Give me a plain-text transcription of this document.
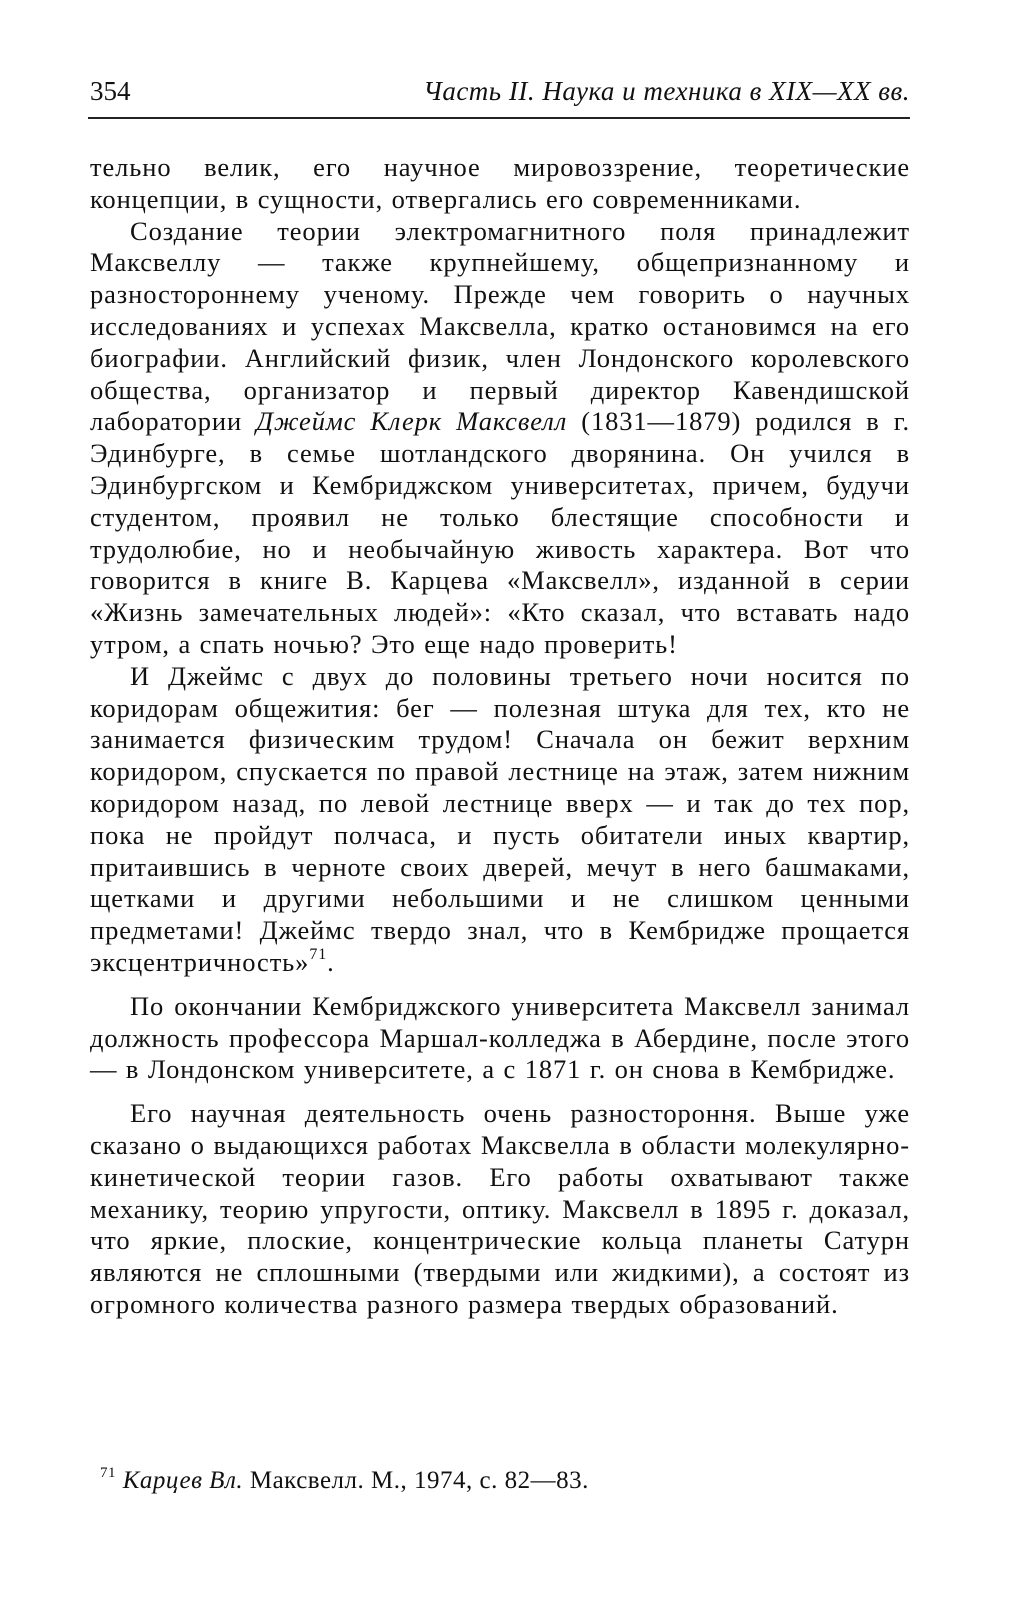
354	Часть II. Наука и техника в XIX—XX вв.

тельно велик, его научное мировоззрение, теоретические концепции, в сущности, отвергались его современниками.

Создание теории электромагнитного поля принадлежит Максвеллу — также крупнейшему, общепризнанному и разностороннему ученому. Прежде чем говорить о научных исследованиях и успехах Максвелла, кратко остановимся на его биографии. Английский физик, член Лондонского королевского общества, организатор и первый директор Кавендишской лаборатории Джеймс Клерк Максвелл (1831—1879) родился в г. Эдинбурге, в семье шотландского дворянина. Он учился в Эдинбургском и Кембриджском университетах, причем, будучи студентом, проявил не только блестящие способности и трудолюбие, но и необычайную живость характера. Вот что говорится в книге В. Карцева «Максвелл», изданной в серии «Жизнь замечательных людей»: «Кто сказал, что вставать надо утром, а спать ночью? Это еще надо проверить!

И Джеймс с двух до половины третьего ночи носится по коридорам общежития: бег — полезная штука для тех, кто не занимается физическим трудом! Сначала он бежит верхним коридором, спускается по правой лестнице на этаж, затем нижним коридором назад, по левой лестнице вверх — и так до тех пор, пока не пройдут полчаса, и пусть обитатели иных квартир, притаившись в черноте своих дверей, мечут в него башмаками, щетками и другими небольшими и не слишком ценными предметами! Джеймс твердо знал, что в Кембридже прощается эксцентричность»$^{71}$.

По окончании Кембриджского университета Максвелл занимал должность профессора Маршал-колледжа в Абердине, после этого — в Лондонском университете, а с 1871 г. он снова в Кембридже.

Его научная деятельность очень разностороння. Выше уже сказано о выдающихся работах Максвелла в области молекулярно-кинетической теории газов. Его работы охватывают также механику, теорию упругости, оптику. Максвелл в 1895 г. доказал, что яркие, плоские, концентрические кольца планеты Сатурн являются не сплошными (твердыми или жидкими), а состоят из огромного количества разного размера твердых образований.

$^{71}$ Карцев Вл. Максвелл. М., 1974, с. 82—83.
